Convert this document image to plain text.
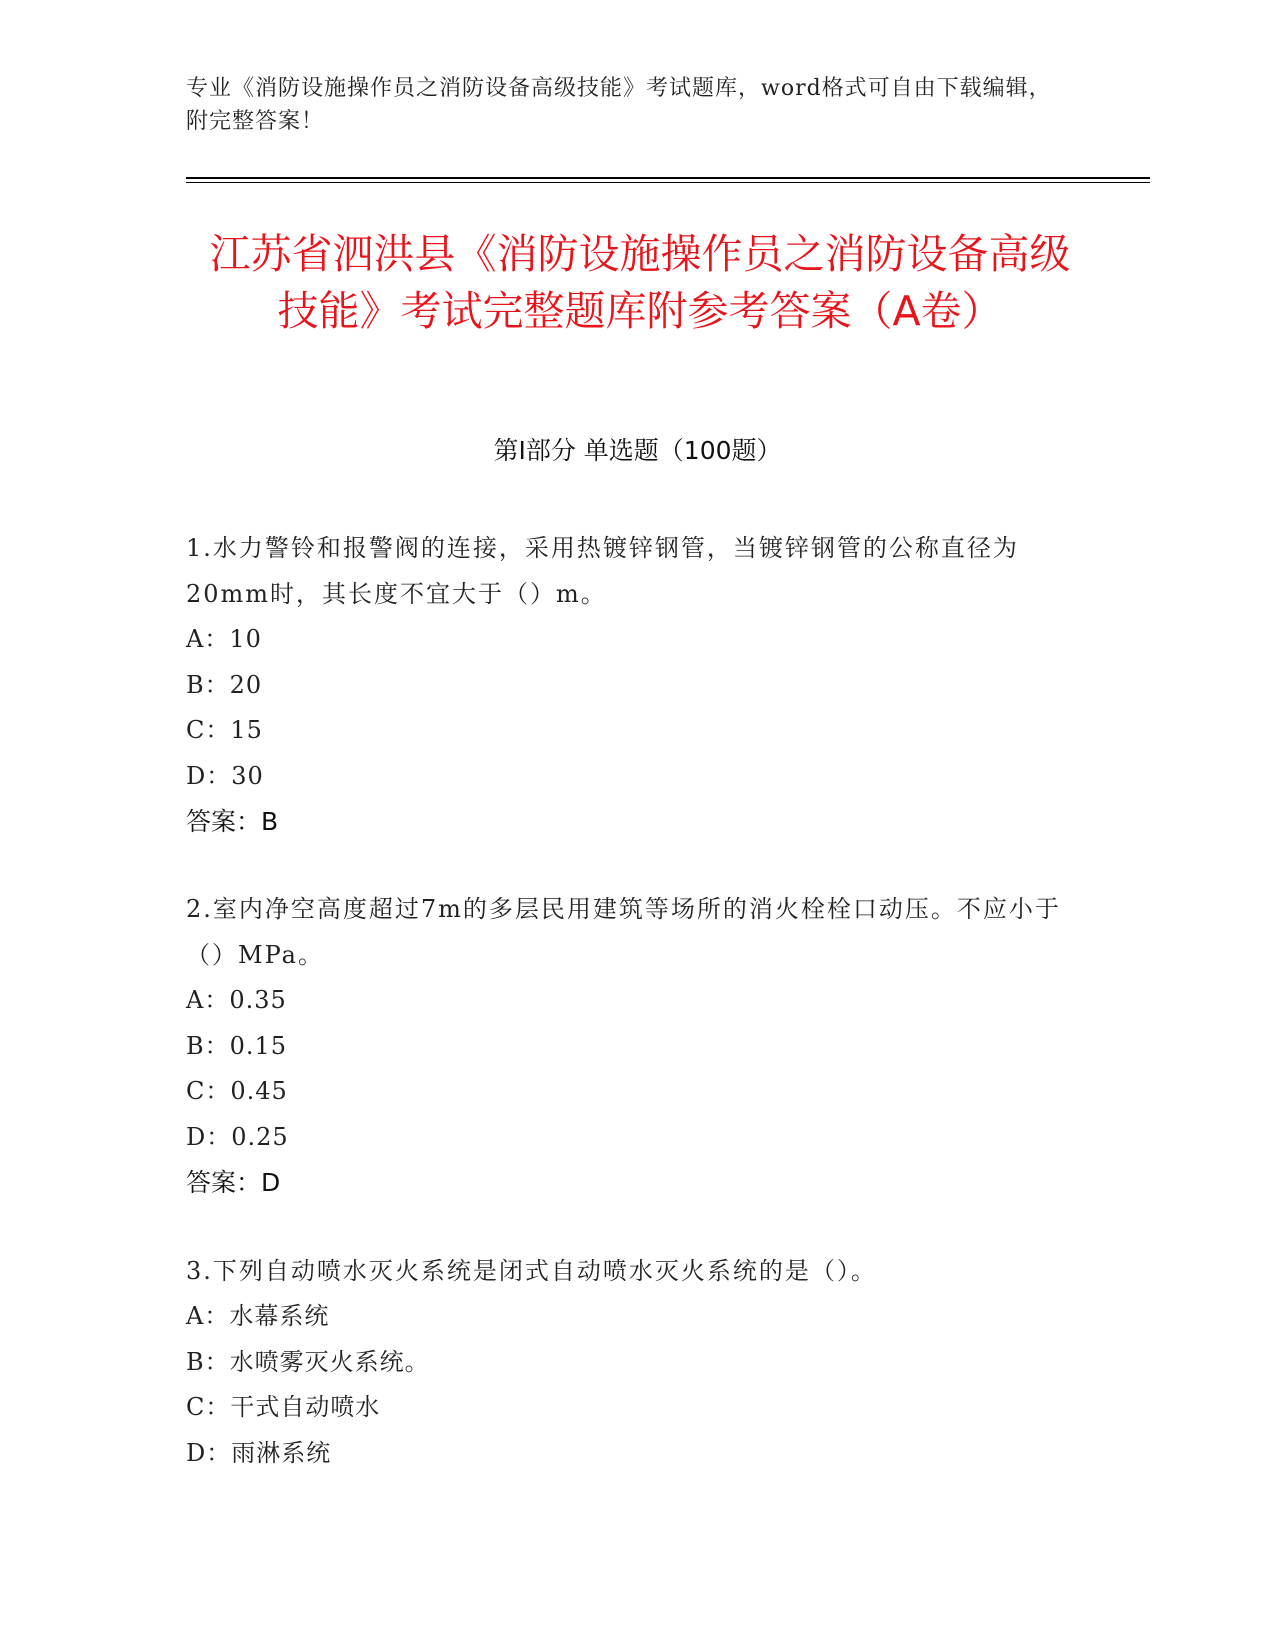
专业《消防设施操作员之消防设备高级技能》考试题库，word格式可自由下载编辑，附完整答案！
江苏省泗洪县《消防设施操作员之消防设备高级技能》考试完整题库附参考答案（A卷）
第Ⅰ部分 单选题（100题）

1.水力警铃和报警阀的连接，采用热镀锌钢管，当镀锌钢管的公称直径为20mm时，其长度不宜大于（）m。

A：10

B：20

C：15

D：30

答案：B

2.室内净空高度超过7m的多层民用建筑等场所的消火栓栓口动压。不应小于（）MPa。

A：0.35

B：0.15

C：0.45

D：0.25

答案：D

3.下列自动喷水灭火系统是闭式自动喷水灭火系统的是（）。

A：水幕系统

B：水喷雾灭火系统。

C：干式自动喷水

D：雨淋系统
